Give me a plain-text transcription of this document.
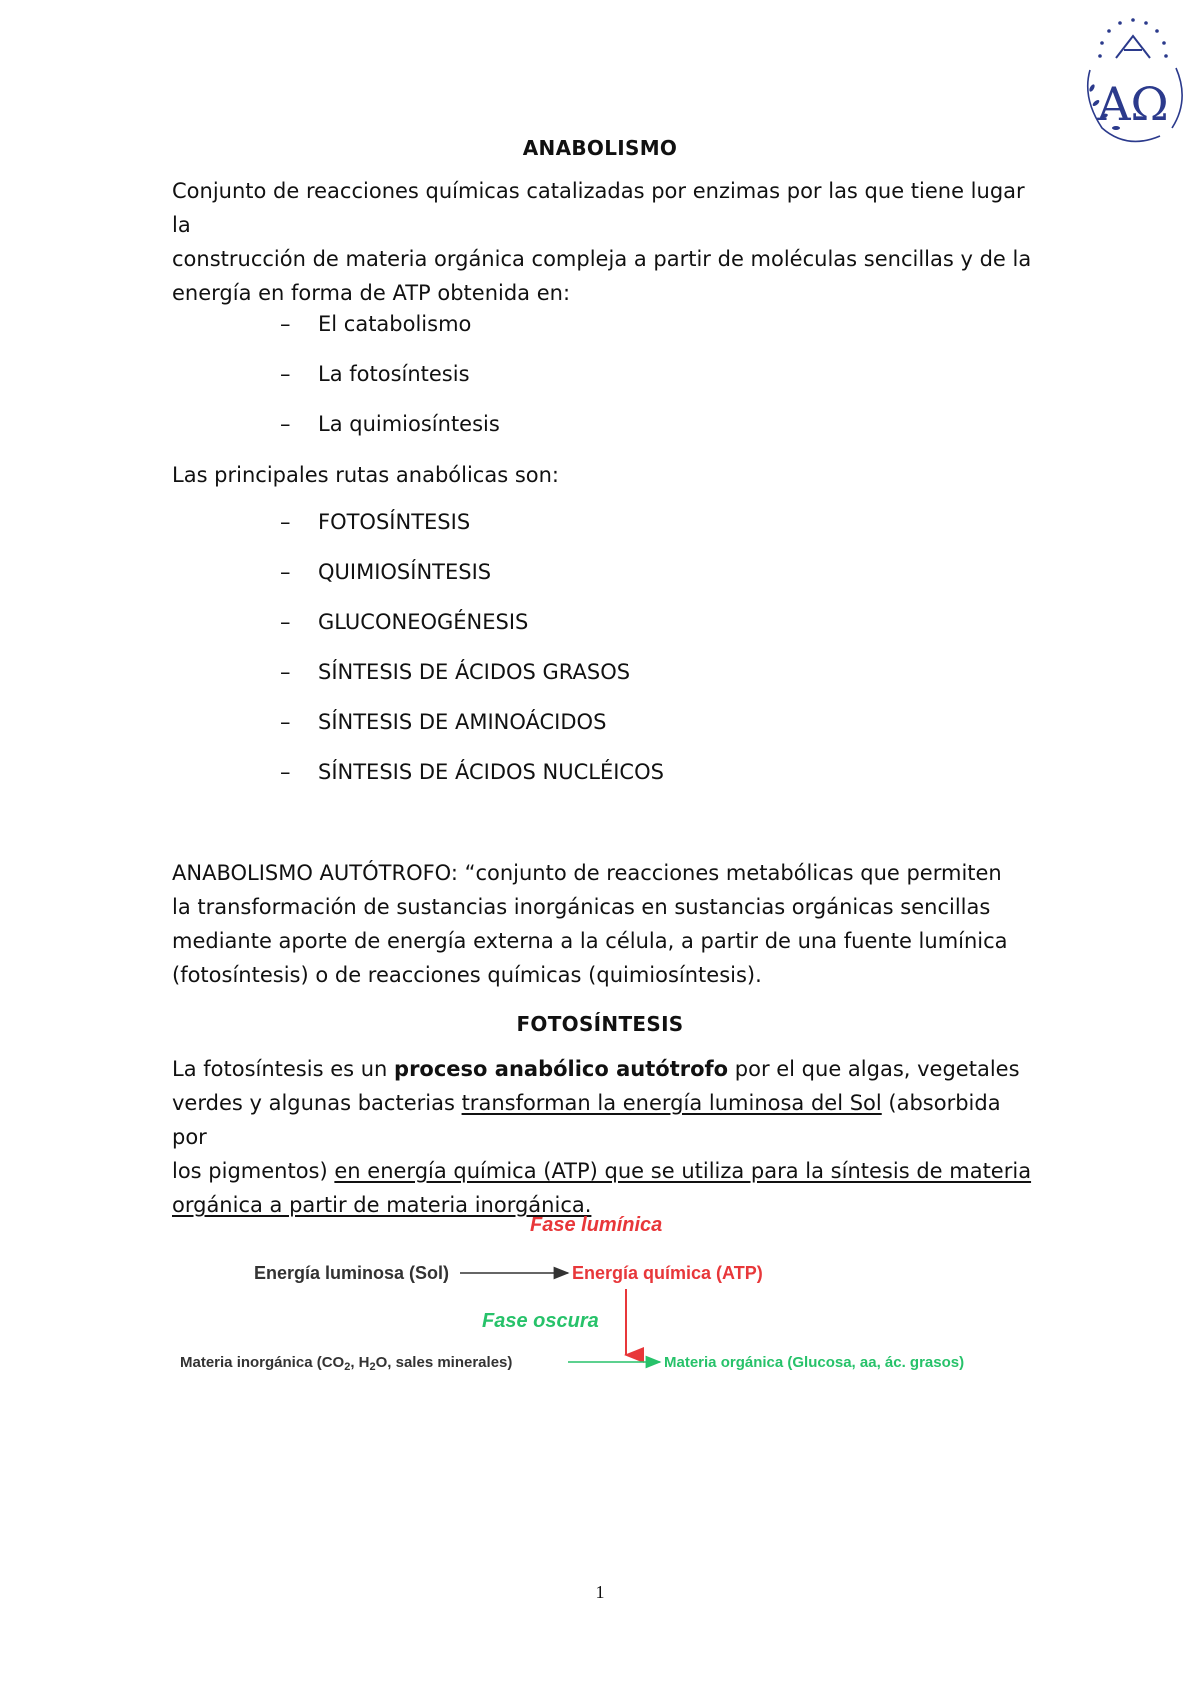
AΩ
ANABOLISMO

Conjunto de reacciones químicas catalizadas por enzimas por las que tiene lugar la

construcción de materia orgánica compleja a partir de moléculas sencillas y de la

energía en forma de ATP obtenida en:

– El catabolismo
– La fotosíntesis
– La quimiosíntesis
Las principales rutas anabólicas son:
– FOTOSÍNTESIS
– QUIMIOSÍNTESIS
– GLUCONEOGÉNESIS
– SÍNTESIS DE ÁCIDOS GRASOS
– SÍNTESIS DE AMINOÁCIDOS
– SÍNTESIS DE ÁCIDOS NUCLÉICOS

ANABOLISMO AUTÓTROFO: “conjunto de reacciones metabólicas que permiten

la transformación de sustancias inorgánicas en sustancias orgánicas sencillas

mediante aporte de energía externa a la célula, a partir de una fuente lumínica

(fotosíntesis) o de reacciones químicas (quimiosíntesis).

FOTOSÍNTESIS

La fotosíntesis es un proceso anabólico autótrofo por el que algas, vegetales

verdes y algunas bacterias transforman la energía luminosa del Sol (absorbida por

los pigmentos) en energía química (ATP) que se utiliza para la síntesis de materia

orgánica a partir de materia inorgánica.

Fase lumínica
Energía luminosa (Sol)	Energía química (ATP)
Fase oscura
Materia inorgánica ($CO_2$, $H_2O$, sales minerales)	Materia orgánica (Glucosa, aa, ác. grasos)
1
